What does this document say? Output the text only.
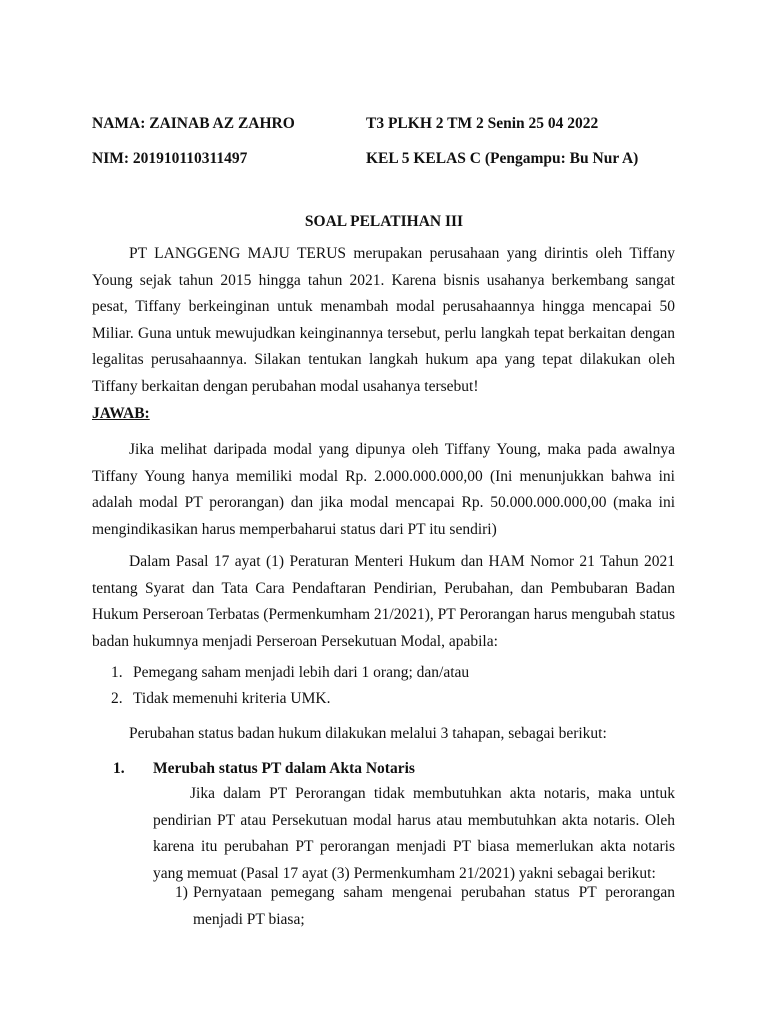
NAMA: ZAINAB AZ ZAHRO	T3 PLKH 2 TM 2 Senin 25 04 2022
NIM: 201910110311497	KEL 5 KELAS C (Pengampu: Bu Nur A)
SOAL PELATIHAN III

PT LANGGENG MAJU TERUS merupakan perusahaan yang dirintis oleh Tiffany Young sejak tahun 2015 hingga tahun 2021. Karena bisnis usahanya berkembang sangat pesat, Tiffany berkeinginan untuk menambah modal perusahaannya hingga mencapai 50 Miliar. Guna untuk mewujudkan keinginannya tersebut, perlu langkah tepat berkaitan dengan legalitas perusahaannya. Silakan tentukan langkah hukum apa yang tepat dilakukan oleh Tiffany berkaitan dengan perubahan modal usahanya tersebut!

JAWAB:

Jika melihat daripada modal yang dipunya oleh Tiffany Young, maka pada awalnya Tiffany Young hanya memiliki modal Rp. 2.000.000.000,00 (Ini menunjukkan bahwa ini adalah modal PT perorangan) dan jika modal mencapai Rp. 50.000.000.000,00 (maka ini mengindikasikan harus memperbaharui status dari PT itu sendiri)

Dalam Pasal 17 ayat (1) Peraturan Menteri Hukum dan HAM Nomor 21 Tahun 2021 tentang Syarat dan Tata Cara Pendaftaran Pendirian, Perubahan, dan Pembubaran Badan Hukum Perseroan Terbatas (Permenkumham 21/2021), PT Perorangan harus mengubah status badan hukumnya menjadi Perseroan Persekutuan Modal, apabila:

1. Pemegang saham menjadi lebih dari 1 orang; dan/atau
2. Tidak memenuhi kriteria UMK.

Perubahan status badan hukum dilakukan melalui 3 tahapan, sebagai berikut:

1. Merubah status PT dalam Akta Notaris

Jika dalam PT Perorangan tidak membutuhkan akta notaris, maka untuk pendirian PT atau Persekutuan modal harus atau membutuhkan akta notaris. Oleh karena itu perubahan PT perorangan menjadi PT biasa memerlukan akta notaris yang memuat (Pasal 17 ayat (3) Permenkumham 21/2021) yakni sebagai berikut:

1) Pernyataan pemegang saham mengenai perubahan status PT perorangan menjadi PT biasa;
